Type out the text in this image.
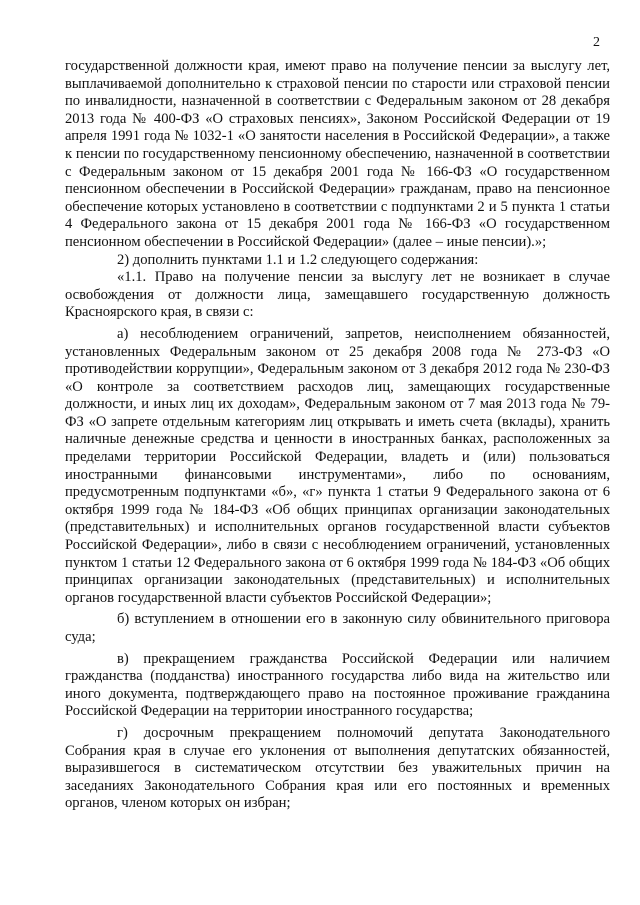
2

государственной должности края, имеют право на получение пенсии за выслугу лет, выплачиваемой дополнительно к страховой пенсии по старости или страховой пенсии по инвалидности, назначенной в соответствии с Федеральным законом от 28 декабря 2013 года № 400-ФЗ «О страховых пенсиях», Законом Российской Федерации от 19 апреля 1991 года № 1032-1 «О занятости населения в Российской Федерации», а также к пенсии по государственному пенсионному обеспечению, назначенной в соответствии с Федеральным законом от 15 декабря 2001 года № 166-ФЗ «О государственном пенсионном обеспечении в Российской Федерации» гражданам, право на пенсионное обеспечение которых установлено в соответствии с подпунктами 2 и 5 пункта 1 статьи 4 Федерального закона от 15 декабря 2001 года № 166-ФЗ «О государственном пенсионном обеспечении в Российской Федерации» (далее – иные пенсии).»;

2) дополнить пунктами 1.1 и 1.2 следующего содержания:

«1.1. Право на получение пенсии за выслугу лет не возникает в случае освобождения от должности лица, замещавшего государственную должность Красноярского края, в связи с:

а) несоблюдением ограничений, запретов, неисполнением обязанностей, установленных Федеральным законом от 25 декабря 2008 года № 273-ФЗ «О противодействии коррупции», Федеральным законом от 3 декабря 2012 года № 230-ФЗ «О контроле за соответствием расходов лиц, замещающих государственные должности, и иных лиц их доходам», Федеральным законом от 7 мая 2013 года № 79-ФЗ «О запрете отдельным категориям лиц открывать и иметь счета (вклады), хранить наличные денежные средства и ценности в иностранных банках, расположенных за пределами территории Российской Федерации, владеть и (или) пользоваться иностранными финансовыми инструментами», либо по основаниям, предусмотренным подпунктами «б», «г» пункта 1 статьи 9 Федерального закона от 6 октября 1999 года № 184-ФЗ «Об общих принципах организации законодательных (представительных) и исполнительных органов государственной власти субъектов Российской Федерации», либо в связи с несоблюдением ограничений, установленных пунктом 1 статьи 12 Федерального закона от 6 октября 1999 года № 184-ФЗ «Об общих принципах организации законодательных (представительных) и исполнительных органов государственной власти субъектов Российской Федерации»;

б) вступлением в отношении его в законную силу обвинительного приговора суда;

в) прекращением гражданства Российской Федерации или наличием гражданства (подданства) иностранного государства либо вида на жительство или иного документа, подтверждающего право на постоянное проживание гражданина Российской Федерации на территории иностранного государства;

г) досрочным прекращением полномочий депутата Законодательного Собрания края в случае его уклонения от выполнения депутатских обязанностей, выразившегося в систематическом отсутствии без уважительных причин на заседаниях Законодательного Собрания края или его постоянных и временных органов, членом которых он избран;
